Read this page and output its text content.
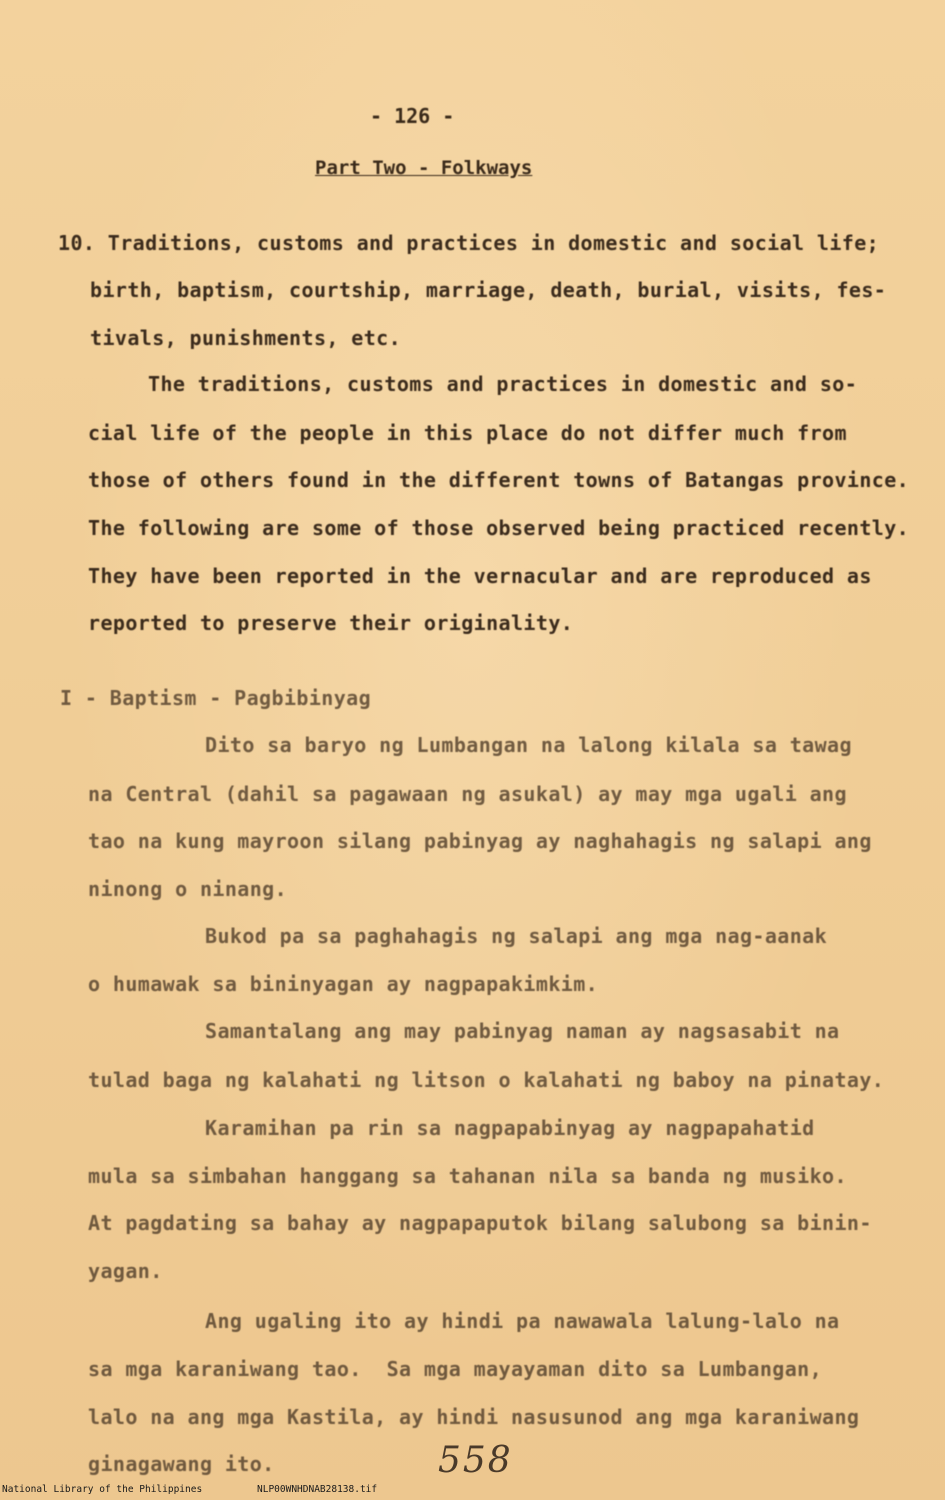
- 126 -
Part Two - Folkways
10. Traditions, customs and practices in domestic and social life;
birth, baptism, courtship, marriage, death, burial, visits, fes-
tivals, punishments, etc.
The traditions, customs and practices in domestic and so-
cial life of the people in this place do not differ much from
those of others found in the different towns of Batangas province.
The following are some of those observed being practiced recently.
They have been reported in the vernacular and are reproduced as
reported to preserve their originality.
I - Baptism - Pagbibinyag
Dito sa baryo ng Lumbangan na lalong kilala sa tawag
na Central (dahil sa pagawaan ng asukal) ay may mga ugali ang
tao na kung mayroon silang pabinyag ay naghahagis ng salapi ang
ninong o ninang.
Bukod pa sa paghahagis ng salapi ang mga nag-aanak
o humawak sa bininyagan ay nagpapakimkim.
Samantalang ang may pabinyag naman ay nagsasabit na
tulad baga ng kalahati ng litson o kalahati ng baboy na pinatay.
Karamihan pa rin sa nagpapabinyag ay nagpapahatid
mula sa simbahan hanggang sa tahanan nila sa banda ng musiko.
At pagdating sa bahay ay nagpapaputok bilang salubong sa binin-
yagan.
Ang ugaling ito ay hindi pa nawawala lalung-lalo na
sa mga karaniwang tao.  Sa mga mayayaman dito sa Lumbangan,
lalo na ang mga Kastila, ay hindi nasusunod ang mga karaniwang
ginagawang ito.	558
National Library of the Philippines	NLP00WNHDNAB28138.tif
